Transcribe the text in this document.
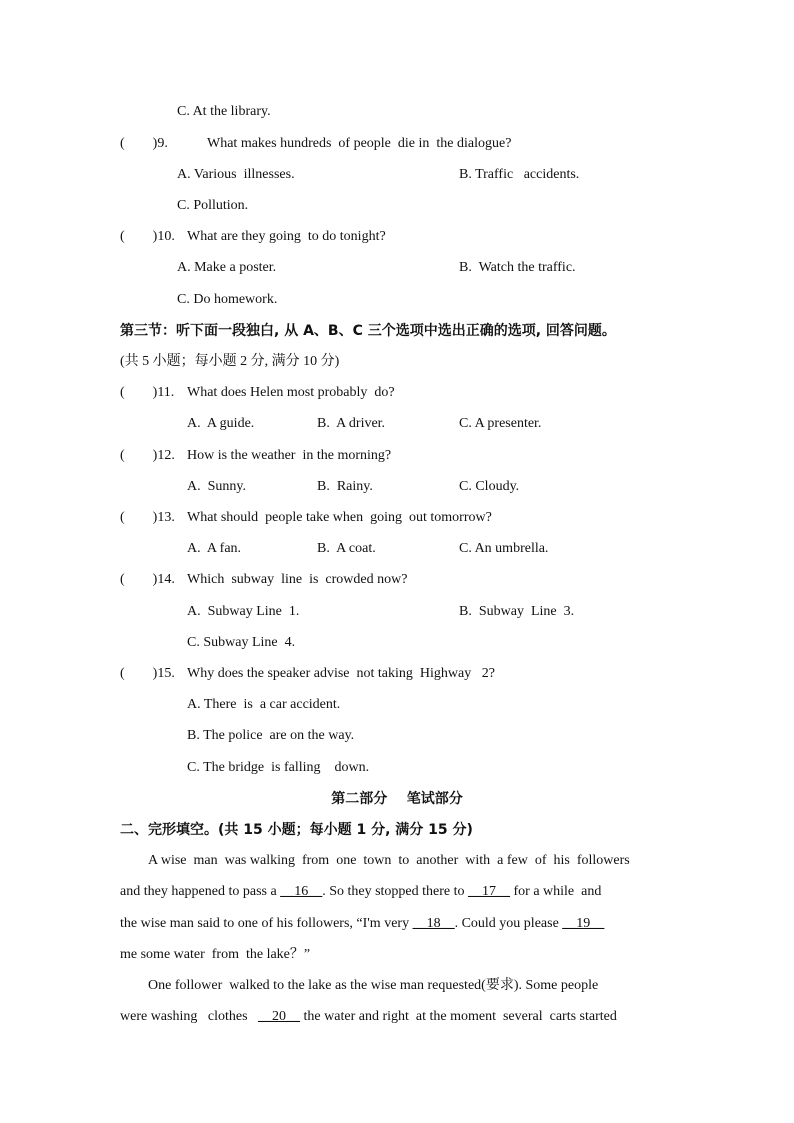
C. At the library.
(        )9.	What makes hundreds  of people  die in  the dialogue?
A. Various  illnesses.	B. Traffic   accidents.
C. Pollution.
(        )10. What are they going  to do tonight?
A. Make a poster.	B.  Watch the traffic.
C. Do homework.
第三节：听下面一段独白, 从 A、B、C 三个选项中选出正确的选项, 回答问题。
(共 5 小题；每小题 2 分, 满分 10 分)
(        )11. What does Helen most probably  do?
A.  A guide.	B.  A driver.	C. A presenter.
(        )12. How is the weather  in the morning?
A.  Sunny.	B.  Rainy.	C. Cloudy.
(        )13. What should  people take when  going  out tomorrow?
A.  A fan.	B.  A coat.	C. An umbrella.
(        )14. Which  subway  line  is  crowded now?
A.  Subway Line  1.	B.  Subway  Line  3.
C. Subway Line  4.
(        )15. Why does the speaker advise  not taking  Highway   2?
A. There  is  a car accident.
B. The police  are on the way.
C. The bridge  is falling    down.
第二部分    笔试部分
二、完形填空。(共 15 小题；每小题 1 分, 满分 15 分)
A wise  man  was walking  from  one  town  to  another  with  a few  of  his  followers
and they happened to pass a __16__. So they stopped there to __17__ for a while  and
the wise man said to one of his followers, “I'm very __18__. Could you please __19__
me some water  from  the lake？”
One follower  walked to the lake as the wise man requested(要求). Some people
were washing   clothes   __20__ the water and right  at the moment  several  carts started
